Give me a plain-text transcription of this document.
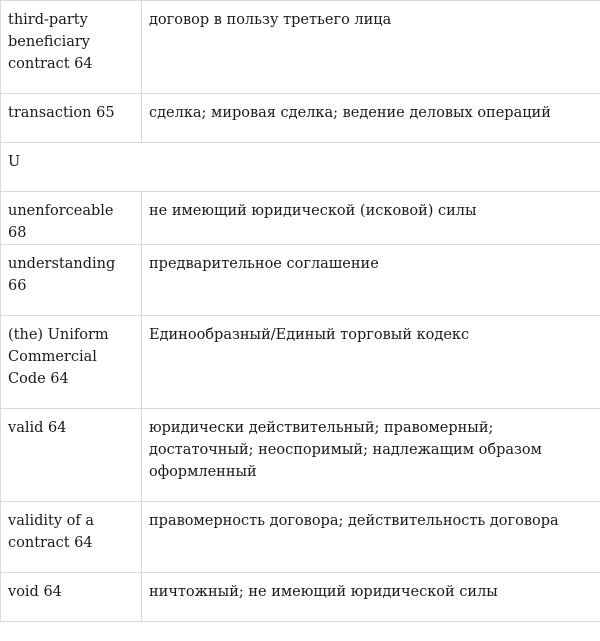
third-party beneficiary contract 64	договор в пользу третьего лица
transaction 65	сделка; мировая сделка; ведение деловых операций
U	
unenforceable 68	не имеющий юридической (исковой) силы
understanding 66	предварительное соглашение
(the) Uniform Commercial Code 64	Единообразный/Единый торговый кодекс
valid 64	юридически действительный; правомерный; достаточный; неоспоримый; надлежащим образом оформленный
validity of a contract 64	правомерность договора; действительность договора
void 64	ничтожный; не имеющий юридической силы
